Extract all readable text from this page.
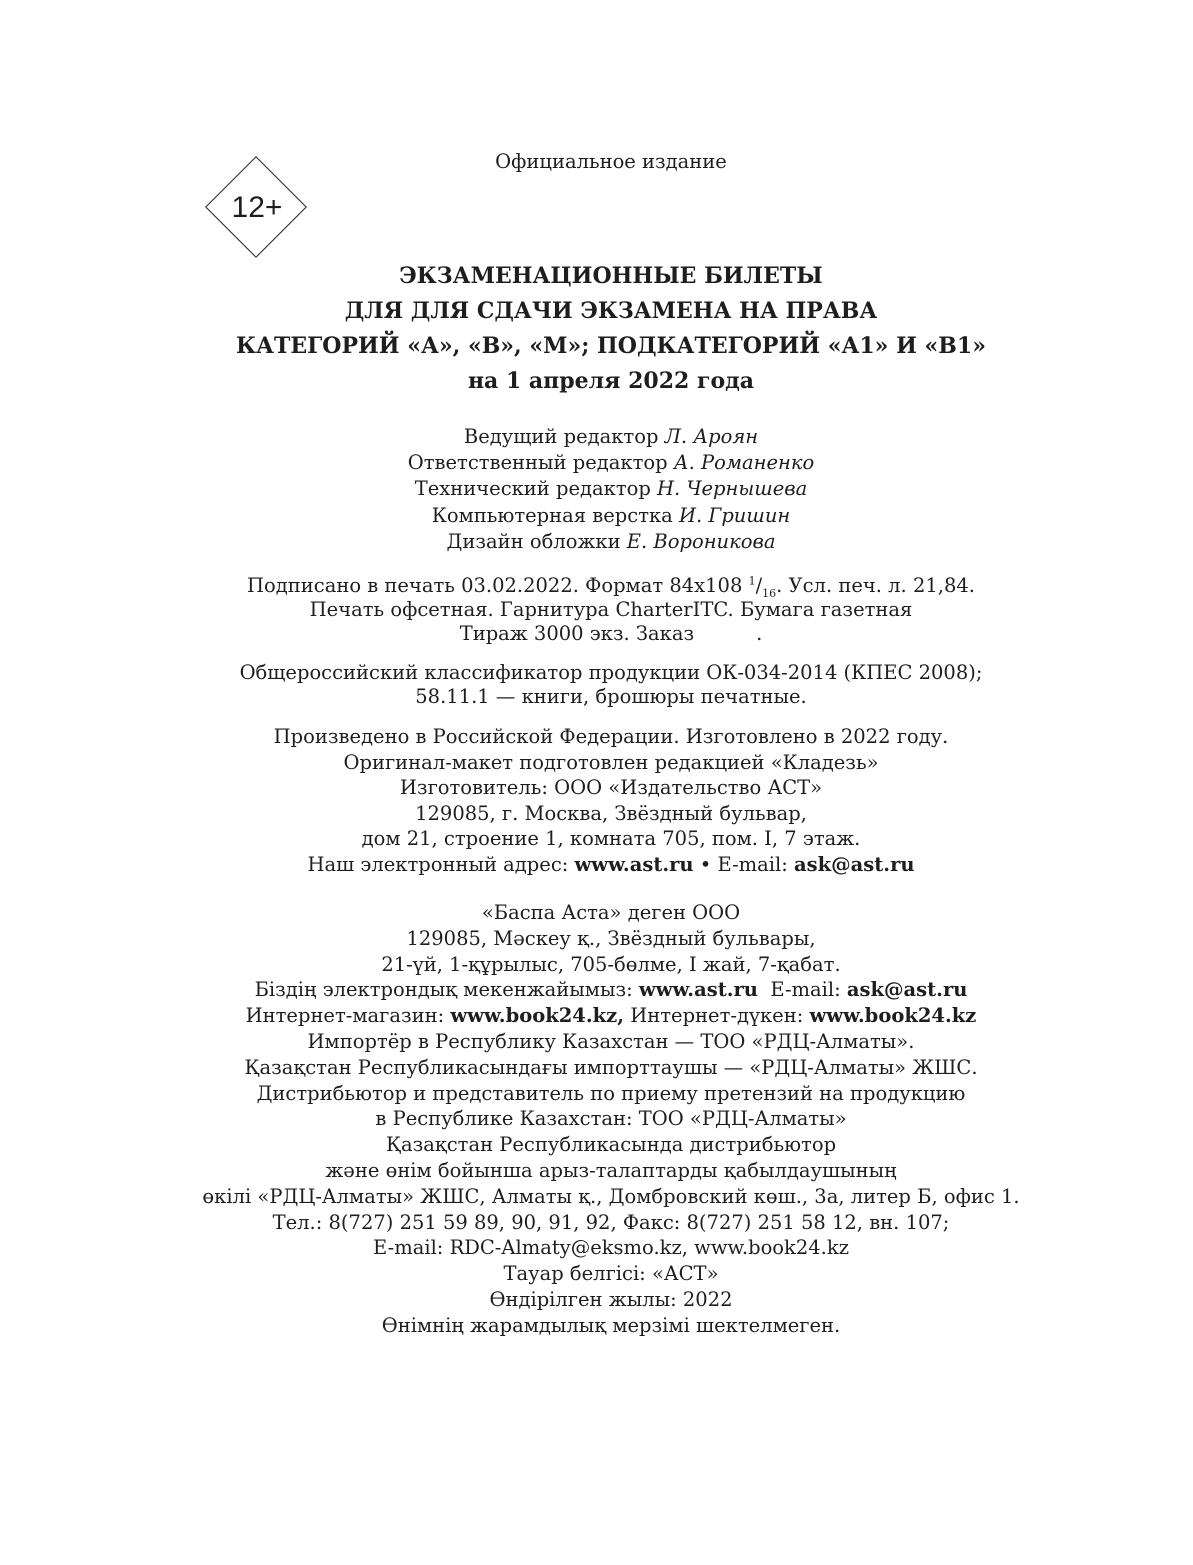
Официальное издание
12+
ЭКЗАМЕНАЦИОННЫЕ БИЛЕТЫ
ДЛЯ ДЛЯ СДАЧИ ЭКЗАМЕНА НА ПРАВА
КАТЕГОРИЙ «А», «В», «M»; ПОДКАТЕГОРИЙ «А1» И «В1»
на 1 апреля 2022 года
Ведущий редактор Л. Ароян
Ответственный редактор А. Романенко
Технический редактор Н. Чернышева
Компьютерная верстка И. Гришин
Дизайн обложки Е. Ворониковa
Подписано в печать 03.02.2022. Формат 84х108 $^1/_{16}$. Усл. печ. л. 21,84.
Печать офсетная. Гарнитура CharterITC. Бумага газетная
Тираж 3000 экз. Заказ          .
Общероссийский классификатор продукции ОК-034-2014 (КПЕС 2008);
58.11.1 — книги, брошюры печатные.
Произведено в Российской Федерации. Изготовлено в 2022 году.
Оригинал-макет подготовлен редакцией «Кладезь»
Изготовитель: ООО «Издательство АСТ»
129085, г. Москва, Звёздный бульвар,
дом 21, строение 1, комната 705, пом. I, 7 этаж.
Наш электронный адрес: www.ast.ru • E-mail: ask@ast.ru
«Баспа Аста» деген ООО
129085, Мәскеу қ., Звёздный бульвары,
21-үй, 1-құрылыс, 705-бөлме, I жай, 7-қабат.
Біздің электрондық мекенжайымыз: www.ast.ru  E-mail: ask@ast.ru
Интернет-магазин: www.book24.kz, Интернет-дүкен: www.book24.kz
Импортёр в Республику Казахстан — ТОО «РДЦ-Алматы».
Қазақстан Республикасындағы импорттаушы — «РДЦ-Алматы» ЖШС.
Дистрибьютор и представитель по приему претензий на продукцию
в Республике Казахстан: ТОО «РДЦ-Алматы»
Қазақстан Республикасында дистрибьютор
және өнім бойынша арыз-талаптарды қабылдаушының
өкілі «РДЦ-Алматы» ЖШС, Алматы қ., Домбровский көш., 3а, литер Б, офис 1.
Тел.: 8(727) 251 59 89, 90, 91, 92, Факс: 8(727) 251 58 12, вн. 107;
E-mail: RDC-Almaty@eksmo.kz, www.book24.kz
Тауар белгісі: «АСТ»
Өндірілген жылы: 2022
Өнімнің жарамдылық мерзімі шектелмеген.
